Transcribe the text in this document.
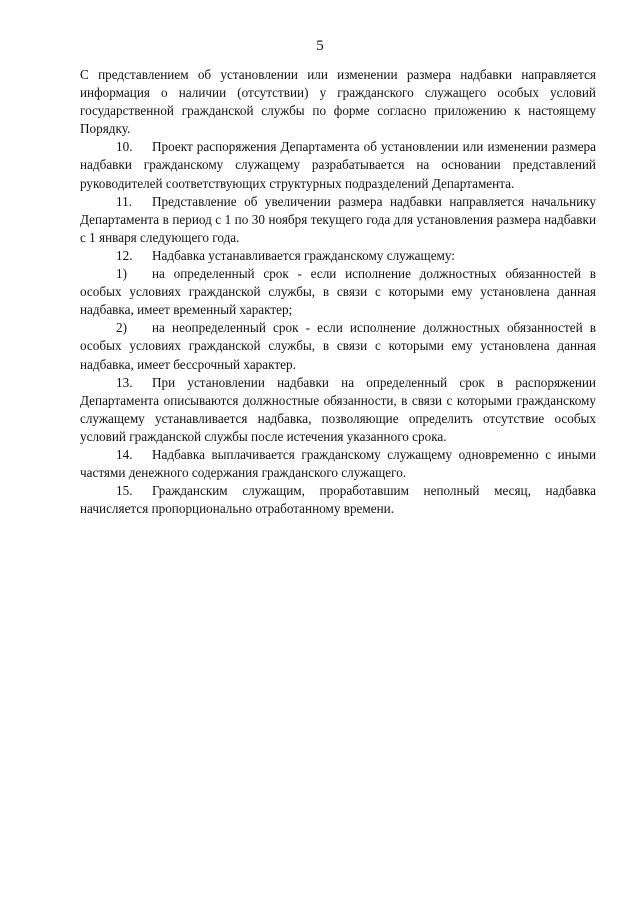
5

С представлением об установлении или изменении размера надбавки направляется информация о наличии (отсутствии) у гражданского служащего особых условий государственной гражданской службы по форме согласно приложению к настоящему Порядку.

10. Проект распоряжения Департамента об установлении или изменении размера надбавки гражданскому служащему разрабатывается на основании представлений руководителей соответствующих структурных подразделений Департамента.

11. Представление об увеличении размера надбавки направляется начальнику Департамента в период с 1 по 30 ноября текущего года для установления размера надбавки с 1 января следующего года.

12. Надбавка устанавливается гражданскому служащему:

1) на определенный срок - если исполнение должностных обязанностей в особых условиях гражданской службы, в связи с которыми ему установлена данная надбавка, имеет временный характер;

2) на неопределенный срок - если исполнение должностных обязанностей в особых условиях гражданской службы, в связи с которыми ему установлена данная надбавка, имеет бессрочный характер.

13. При установлении надбавки на определенный срок в распоряжении Департамента описываются должностные обязанности, в связи с которыми гражданскому служащему устанавливается надбавка, позволяющие определить отсутствие особых условий гражданской службы после истечения указанного срока.

14. Надбавка выплачивается гражданскому служащему одновременно с иными частями денежного содержания гражданского служащего.

15. Гражданским служащим, проработавшим неполный месяц, надбавка начисляется пропорционально отработанному времени.
